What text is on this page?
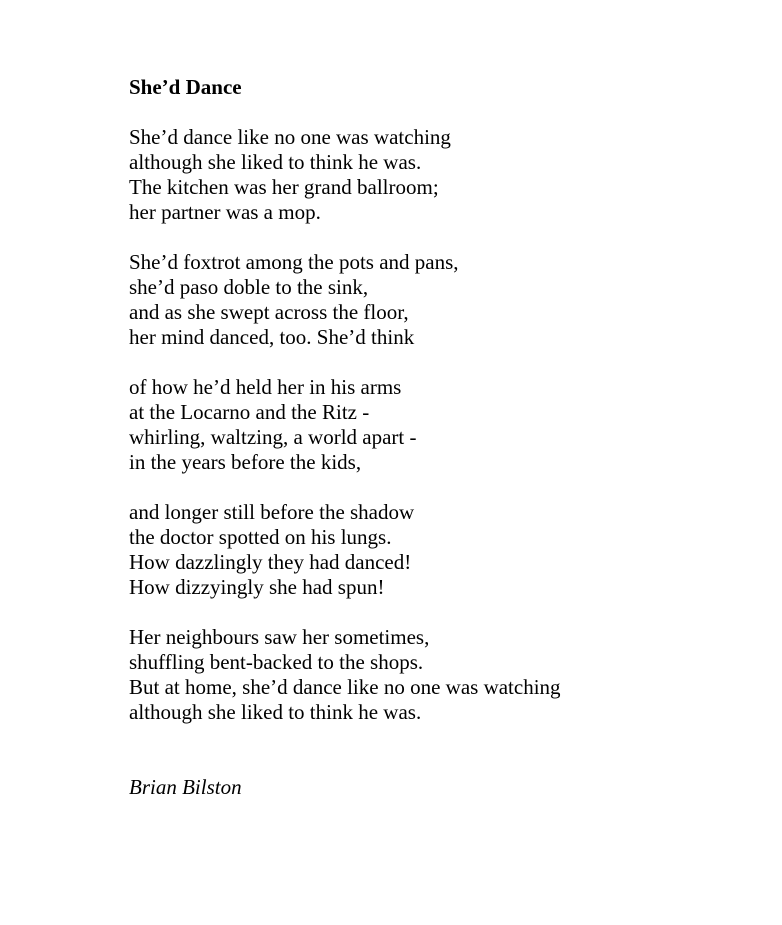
She’d Dance
She’d dance like no one was watching
although she liked to think he was.
The kitchen was her grand ballroom;
her partner was a mop.
She’d foxtrot among the pots and pans,
she’d paso doble to the sink,
and as she swept across the floor,
her mind danced, too. She’d think
of how he’d held her in his arms
at the Locarno and the Ritz -
whirling, waltzing, a world apart -
in the years before the kids,
and longer still before the shadow
the doctor spotted on his lungs.
How dazzlingly they had danced!
How dizzyingly she had spun!
Her neighbours saw her sometimes,
shuffling bent-backed to the shops.
But at home, she’d dance like no one was watching
although she liked to think he was.
Brian Bilston
